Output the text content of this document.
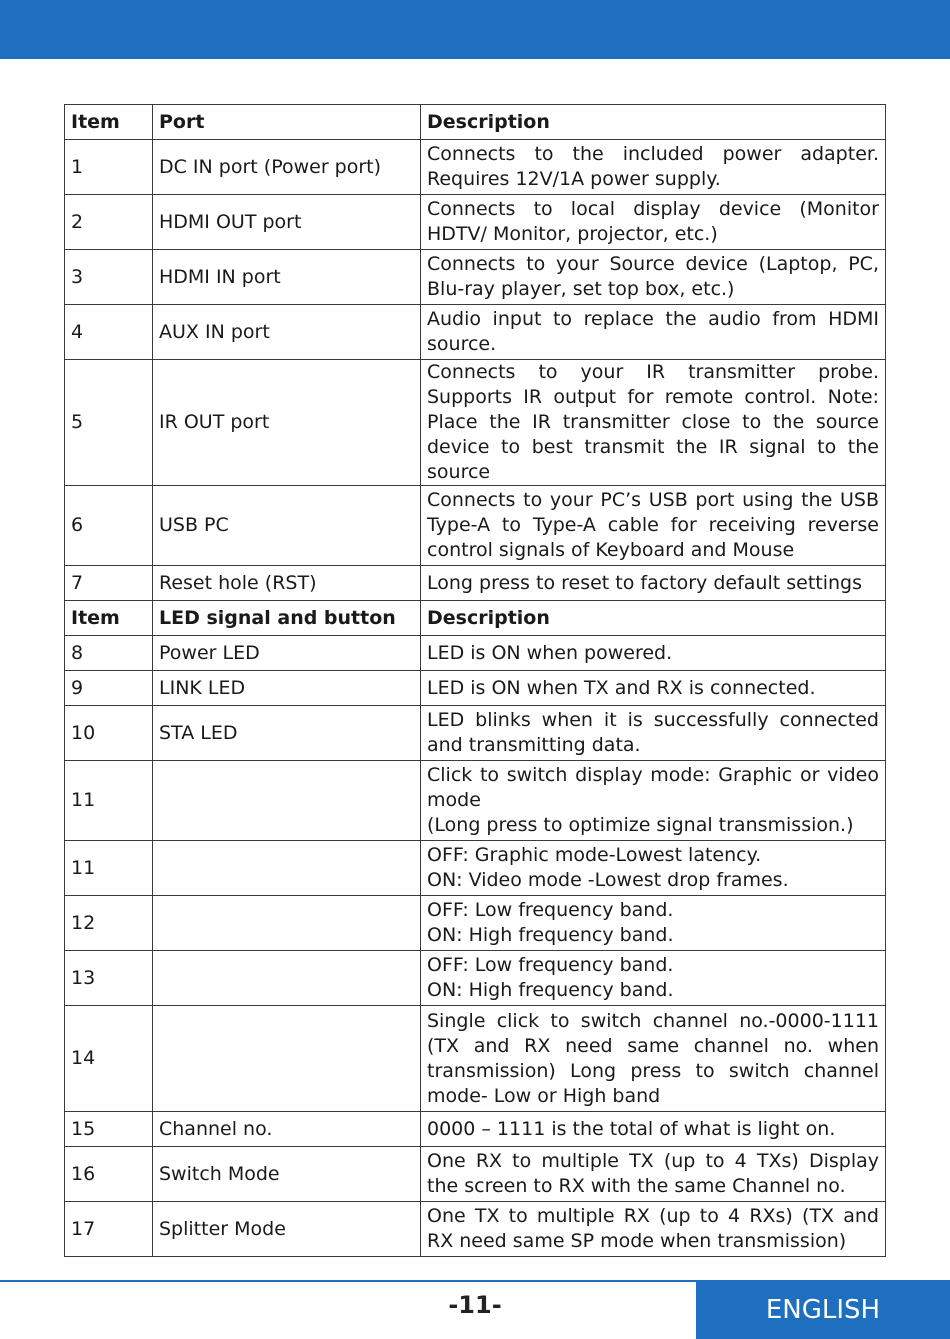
Item	Port	Description
1	DC IN port (Power port)	Connects to the included power adapter. Requires 12V/1A power supply.

2	HDMI OUT port	Connects to local display device (Monitor HDTV/ Monitor, projector, etc.)

3	HDMI IN port	Connects to your Source device (Laptop, PC, Blu-ray player, set top box, etc.)

4	AUX IN port	Audio input to replace the audio from HDMI source.

5	IR OUT port	Connects to your IR transmitter probe. Supports IR output for remote control. Note: Place the IR transmitter close to the source device to best transmit the IR signal to the source

6	USB PC	Connects to your PC’s USB port using the USB Type-A to Type-A cable for receiving reverse control signals of Keyboard and Mouse

7	Reset hole (RST)	Long press to reset to factory default settings

Item	LED signal and button	Description
8	Power LED	LED is ON when powered.

9	LINK LED	LED is ON when TX and RX is connected.

10	STA LED	LED blinks when it is successfully connected and transmitting data.

11		Click to switch display mode: Graphic or video mode
(Long press to optimize signal transmission.)

11		OFF: Graphic mode-Lowest latency.
ON: Video mode -Lowest drop frames.

12		OFF: Low frequency band.
ON: High frequency band.

13		OFF: Low frequency band.
ON: High frequency band.

14		Single click to switch channel no.-0000-1111 (TX and RX need same channel no. when transmission) Long press to switch channel mode- Low or High band

15	Channel no.	0000 – 1111 is the total of what is light on.

16	Switch Mode	One RX to multiple TX (up to 4 TXs) Display the screen to RX with the same Channel no.

17	Splitter Mode	One TX to multiple RX (up to 4 RXs) (TX and RX need same SP mode when transmission)
-11-	ENGLISH
